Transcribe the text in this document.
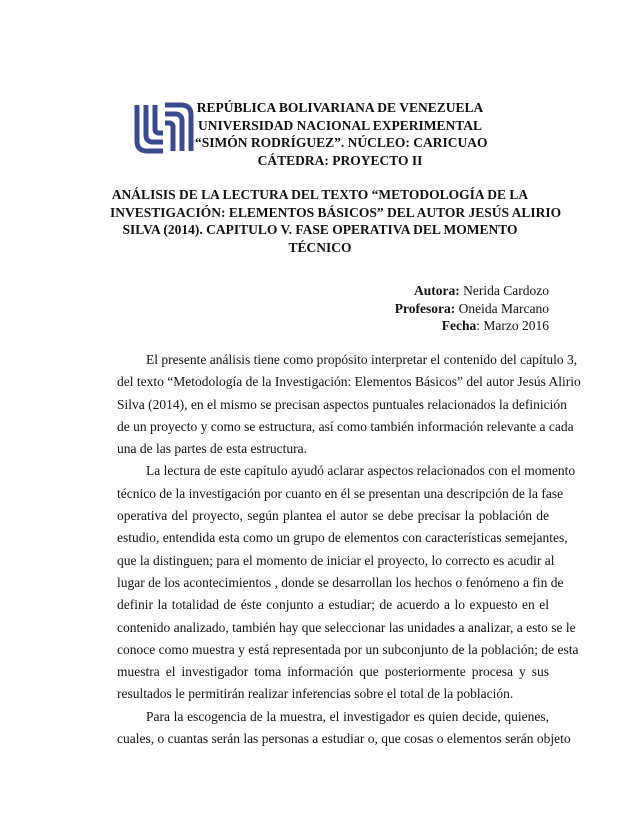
REPÚBLICA BOLIVARIANA DE VENEZUELA
UNIVERSIDAD NACIONAL EXPERIMENTAL
“SIMÓN RODRÍGUEZ”. NÚCLEO: CARICUAO
CÁTEDRA: PROYECTO II
ANÁLISIS DE LA LECTURA DEL TEXTO “METODOLOGÍA DE LA
INVESTIGACIÓN: ELEMENTOS BÁSICOS” DEL AUTOR JESÚS ALIRIO
SILVA (2014). CAPITULO V. FASE OPERATIVA DEL MOMENTO
TÉCNICO
Autora: Nerida Cardozo
Profesora: Oneida Marcano
Fecha: Marzo 2016
El presente análisis tiene como propósito interpretar el contenido del capítulo 3,
del texto “Metodología de la Investigación: Elementos Básicos” del autor Jesús Alirio
Silva (2014), en el mismo se precisan aspectos puntuales relacionados la definición
de un proyecto y como se estructura, así como también información relevante a cada
una de las partes de esta estructura.
La lectura de este capítulo ayudó aclarar aspectos relacionados con el momento
técnico de la investigación por cuanto en él se presentan una descripción de la fase
operativa del proyecto, según plantea el autor se debe precisar la población de
estudio, entendida esta como un grupo de elementos con características semejantes,
que la distinguen; para el momento de iniciar el proyecto, lo correcto es acudir al
lugar de los acontecimientos , donde se desarrollan los hechos o fenómeno a fin de
definir la totalidad de éste conjunto a estudiar; de acuerdo a lo expuesto en el
contenido analizado, también hay que seleccionar las unidades a analizar, a esto se le
conoce como muestra y está representada por un subconjunto de la población; de esta
muestra el investigador toma información que posteriormente procesa y sus
resultados le permitirán realizar inferencias sobre el total de la población.
Para la escogencia de la muestra, el investigador es quien decide, quienes,
cuales, o cuantas serán las personas a estudiar o, que cosas o elementos serán objeto
